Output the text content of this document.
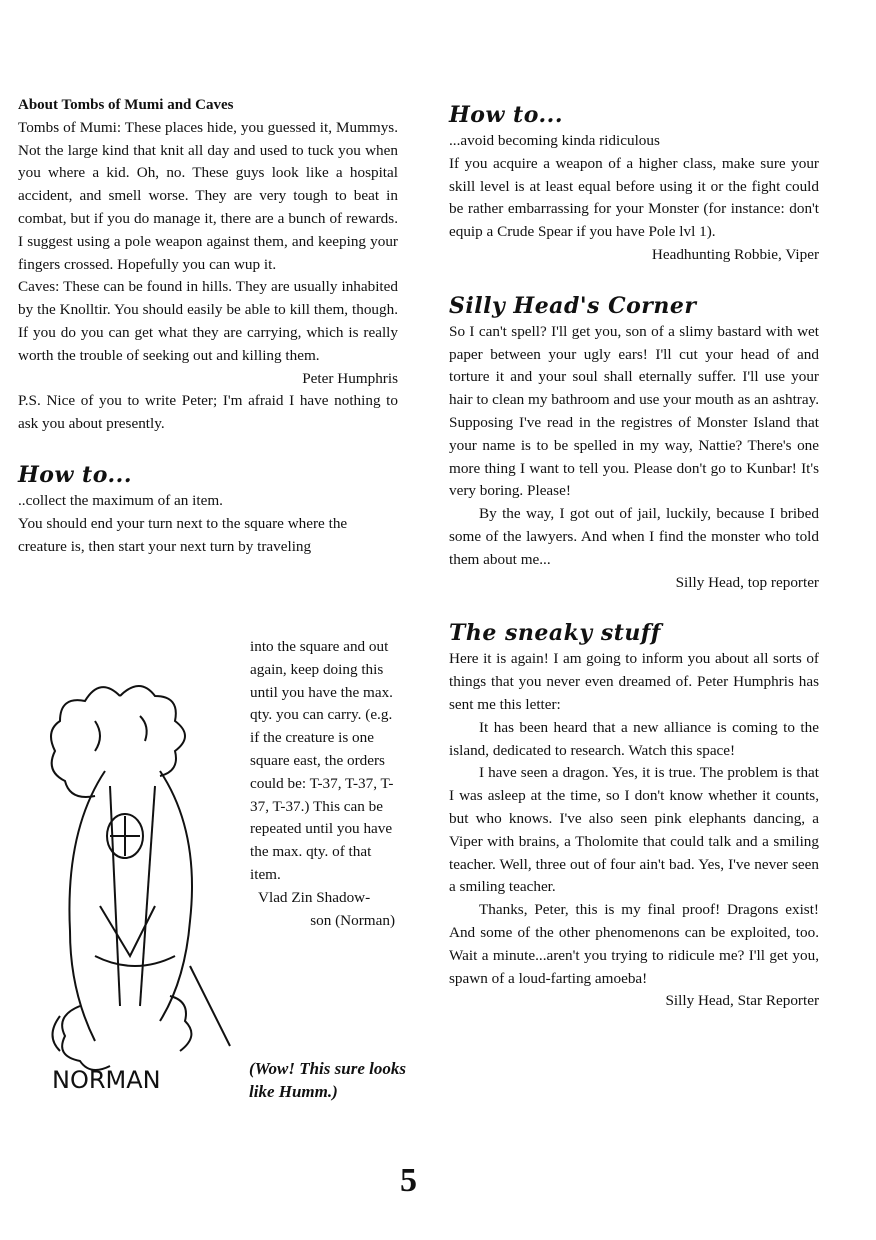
About Tombs of Mumi and Caves

Tombs of Mumi: These places hide, you guessed it, Mummys. Not the large kind that knit all day and used to tuck you when you where a kid. Oh, no. These guys look like a hospital accident, and smell worse. They are very tough to beat in combat, but if you do manage it, there are a bunch of rewards. I suggest using a pole weapon against them, and keeping your fingers crossed. Hopefully you can wup it.

Caves: These can be found in hills. They are usually inhabited by the Knolltir. You should easily be able to kill them, though. If you do you can get what they are carrying, which is really worth the trouble of seeking out and killing them.

Peter Humphris

P.S. Nice of you to write Peter; I'm afraid I have nothing to ask you about presently.

How to...

..collect the maximum of an item.

You should end your turn next to the square where the creature is, then start your next turn by traveling

into the square and out again, keep doing this until you have the max. qty. you can carry. (e.g. if the creature is one square east, the orders could be: T-37, T-37, T-37, T-37.) This can be repeated until you have the max. qty. of that item.

Vlad Zin Shadow-

son (Norman)

NORMAN	(Wow! This sure looks like Humm.)
How to...

...avoid becoming kinda ridiculous

If you acquire a weapon of a higher class, make sure your skill level is at least equal before using it or the fight could be rather embarrassing for your Monster (for instance: don't equip a Crude Spear if you have Pole lvl 1).

Headhunting Robbie, Viper

Silly Head's Corner

So I can't spell? I'll get you, son of a slimy bastard with wet paper between your ugly ears! I'll cut your head of and torture it and your soul shall eternally suffer. I'll use your hair to clean my bathroom and use your mouth as an ashtray. Supposing I've read in the registres of Monster Island that your name is to be spelled in my way, Nattie? There's one more thing I want to tell you. Please don't go to Kunbar! It's very boring. Please!

By the way, I got out of jail, luckily, because I bribed some of the lawyers. And when I find the monster who told them about me...

Silly Head, top reporter

The sneaky stuff

Here it is again! I am going to inform you about all sorts of things that you never even dreamed of. Peter Humphris has sent me this letter:

It has been heard that a new alliance is coming to the island, dedicated to research. Watch this space!

I have seen a dragon. Yes, it is true. The problem is that I was asleep at the time, so I don't know whether it counts, but who knows. I've also seen pink elephants dancing, a Viper with brains, a Tholomite that could talk and a smiling teacher. Well, three out of four ain't bad. Yes, I've never seen a smiling teacher.

Thanks, Peter, this is my final proof! Dragons exist! And some of the other phenomenons can be exploited, too. Wait a minute...aren't you trying to ridicule me? I'll get you, spawn of a loud-farting amoeba!

Silly Head, Star Reporter

5
